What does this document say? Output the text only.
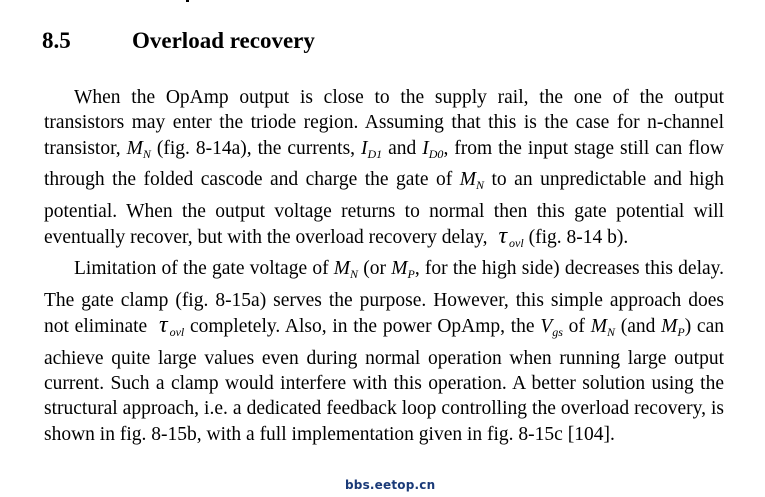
8.5	Overload recovery

When the OpAmp output is close to the supply rail, the one of the output transistors may enter the triode region. Assuming that this is the case for n-channel transistor, $M_N$ (fig. 8-14a), the currents, $I_{D1}$ and $I_{D0}$, from the input stage still can flow through the folded cascode and charge the gate of $M_N$ to an unpredictable and high potential. When the output voltage returns to normal then this gate potential will eventually recover, but with the overload recovery delay, τ $_{ovl}$ (fig. 8-14 b).

Limitation of the gate voltage of $M_N$ (or $M_P$, for the high side) decreases this delay. The gate clamp (fig. 8-15a) serves the purpose. However, this simple approach does not eliminate τ $_{ovl}$ completely. Also, in the power OpAmp, the $V_{gs}$ of $M_N$ (and $M_P$) can achieve quite large values even during normal operation when running large output current. Such a clamp would interfere with this operation. A better solution using the structural approach, i.e. a dedicated feedback loop controlling the overload recovery, is shown in fig. 8-15b, with a full implementation given in fig. 8-15c [104].

bbs.eetop.cn
